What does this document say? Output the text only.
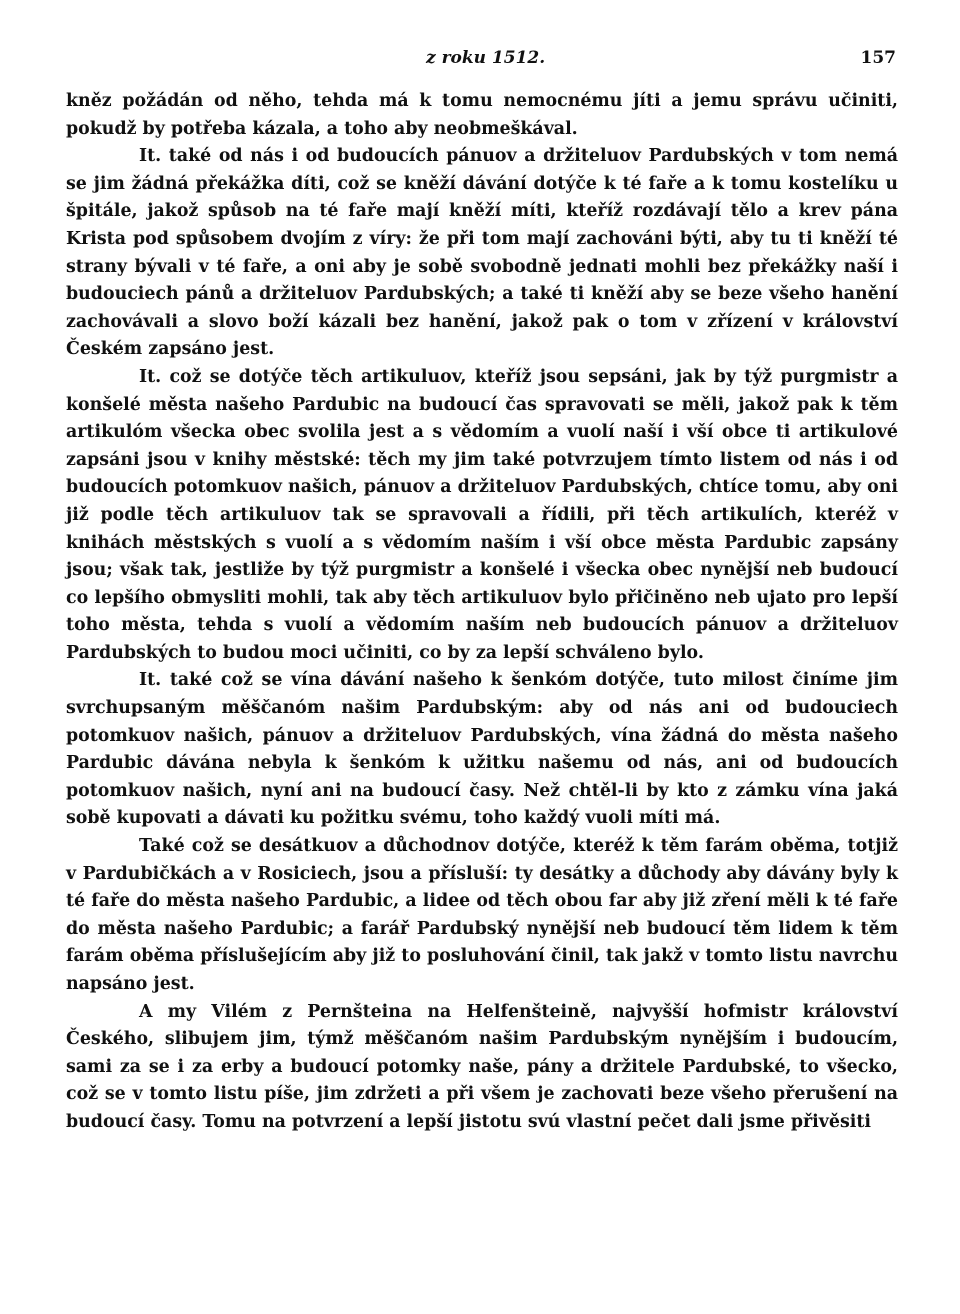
z roku 1512.	157

kněz požádán od něho, tehda má k tomu nemocnému jíti a jemu správu učiniti, pokudž by potřeba kázala, a toho aby neobmeškával.

It. také od nás i od budoucích pánuov a držiteluov Pardubských v tom nemá se jim žádná překážka díti, což se kněží dávání dotýče k té faře a k tomu kostelíku u špitále, jakož spůsob na té faře mají kněží míti, kteříž rozdávají tělo a krev pána Krista pod spůsobem dvojím z víry: že při tom mají zachováni býti, aby tu ti kněží té strany bývali v té faře, a oni aby je sobě svobodně jednati mohli bez překážky naší i budouciech pánů a držiteluov Pardubských; a také ti kněží aby se beze všeho hanění zachovávali a slovo boží kázali bez hanění, jakož pak o tom v zřízení v království Českém zapsáno jest.

It. což se dotýče těch artikuluov, kteříž jsou sepsáni, jak by týž purgmistr a konšelé města našeho Pardubic na budoucí čas spravovati se měli, jakož pak k těm artikulóm všecka obec svolila jest a s vědomím a vuolí naší i vší obce ti artikulové zapsáni jsou v knihy městské: těch my jim také potvrzujem tímto listem od nás i od budoucích potomkuov našich, pánuov a držiteluov Pardubských, chtíce tomu, aby oni již podle těch artikuluov tak se spravovali a řídili, při těch artikulích, kteréž v knihách městských s vuolí a s vědomím naším i vší obce města Pardubic zapsány jsou; však tak, jestliže by týž purgmistr a konšelé i všecka obec nynější neb budoucí co lepšího obmysliti mohli, tak aby těch artikuluov bylo přičiněno neb ujato pro lepší toho města, tehda s vuolí a vědomím naším neb budoucích pánuov a držiteluov Pardubských to budou moci učiniti, co by za lepší schváleno bylo.

It. také což se vína dávání našeho k šenkóm dotýče, tuto milost činíme jim svrchupsaným měščanóm našim Pardubským: aby od nás ani od budouciech potomkuov našich, pánuov a držiteluov Pardubských, vína žádná do města našeho Pardubic dávána nebyla k šenkóm k užitku našemu od nás, ani od budoucích potomkuov našich, nyní ani na budoucí časy. Než chtěl-li by kto z zámku vína jaká sobě kupovati a dávati ku požitku svému, toho každý vuoli míti má.

Také což se desátkuov a důchodnov dotýče, kteréž k těm farám oběma, totjiž v Pardubičkách a v Rosiciech, jsou a přísluší: ty desátky a důchody aby dávány byly k té faře do města našeho Pardubic, a lidee od těch obou far aby již zření měli k té faře do města našeho Pardubic; a farář Pardubský nynější neb budoucí těm lidem k těm farám oběma příslušejícím aby již to posluhování činil, tak jakž v tomto listu navrchu napsáno jest.

A my Vilém z Pernšteina na Helfenšteině, najvyšší hofmistr království Českého, slibujem jim, týmž měščanóm našim Pardubským nynějším i budoucím, sami za se i za erby a budoucí potomky naše, pány a držitele Pardubské, to všecko, což se v tomto listu píše, jim zdržeti a při všem je zachovati beze všeho přerušení na budoucí časy. Tomu na potvrzení a lepší jistotu svú vlastní pečet dali jsme přivěsiti
